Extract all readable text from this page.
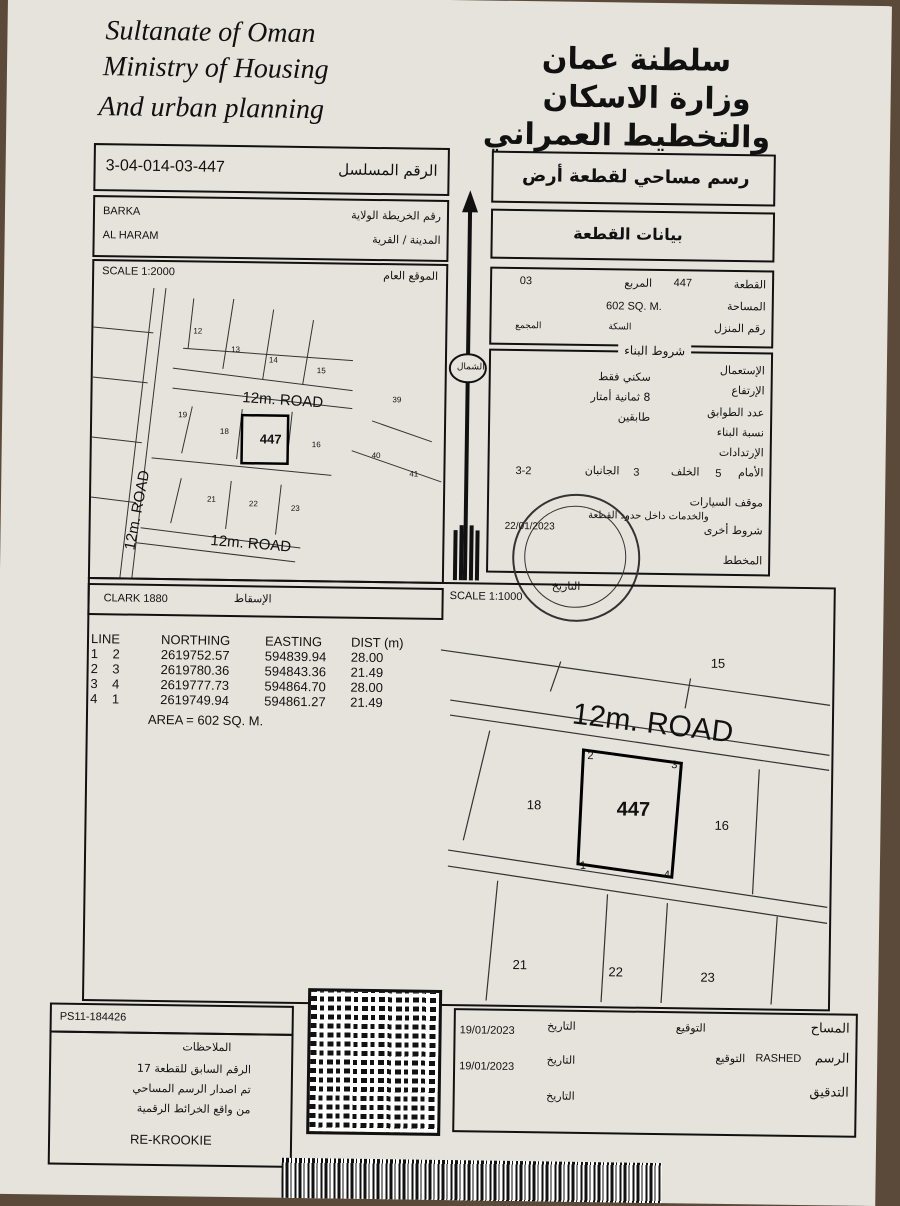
Sultanate of Oman
Ministry of Housing
And urban planning
سلطنة عمان
وزارة الاسكان
والتخطيط العمراني
3-04-014-03-447	الرقم المسلسل	رسم مساحي لقطعة أرض
BARKA	رقم الخريطة الولاية
AL HARAM	المدينة / القرية	بيانات القطعة
SCALE 1:2000	الموقع العام
12m. ROAD
12m. ROAD
12m. ROAD
447
12
13
14
15
19
18
16
21
22
23
39
40
41
الشمال
القطعة
447
المربع
03
المساحة
602 SQ. M.
رقم المنزل
السكة
المجمع
شروط البناء
الإستعمال
سكني فقط
الإرتفاع
8 ثمانية أمتار
عدد الطوابق
طابقين
نسبة البناء
الإرتدادات
الأمام
5
الخلف
3
الجانبان
3-2
موقف السيارات
والخدمات داخل حدود القطعة
شروط أخرى
المخطط
22/01/2023
التاريخ
CLARK 1880	الإسقاط	SCALE 1:1000
LINE	NORTHING	EASTING	DIST (m)
1 2	2619752.57	594839.94	28.00
2 3	2619780.36	594843.36	21.49
3 4	2619777.73	594864.70	28.00
4 1	2619749.94	594861.27	21.49
AREA = 602 SQ. M.	12m. ROAD
447
15
18
16
21	22	23
1
2
3
4
PS11-184426
الملاحظات
الرقم السابق للقطعة 17
تم اصدار الرسم المساحي
من واقع الخرائط الرقمية
RE-KROOKIE
المساح
التوقيع
التاريخ
19/01/2023
الرسم
RASHED
التوقيع
التاريخ
19/01/2023
التدقيق
التاريخ
